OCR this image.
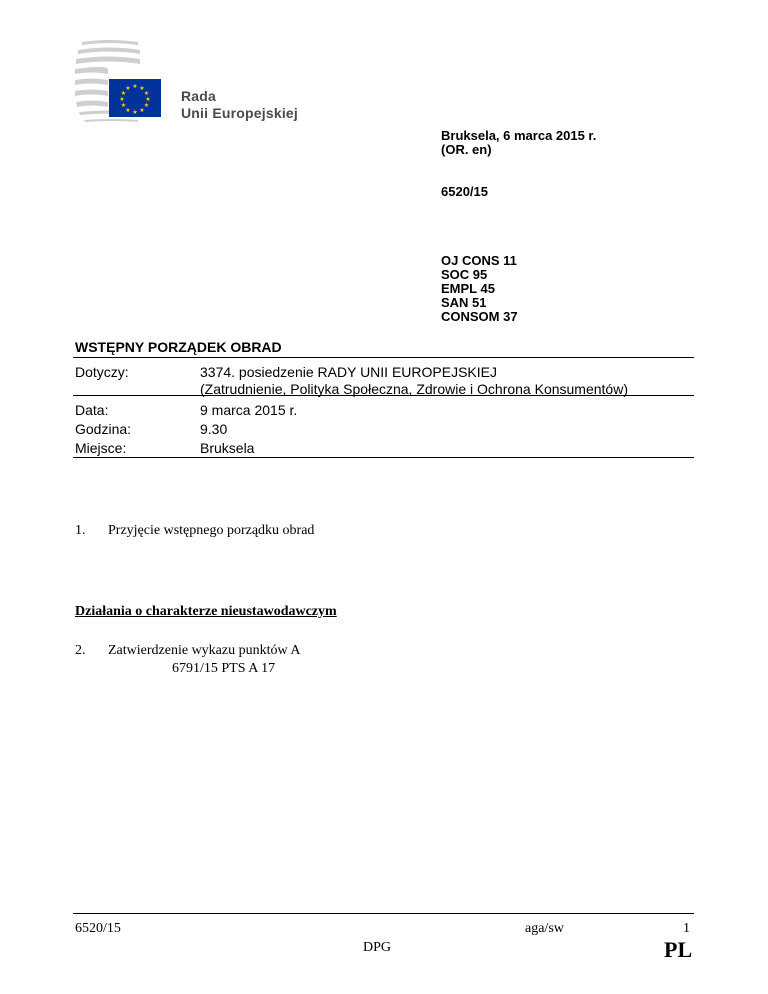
★ ★
★
★
★
★
★
★
★
★
★
★	Rada
Unii Europejskiej
Bruksela, 6 marca 2015 r.
(OR. en)
6520/15
OJ CONS 11
SOC 95
EMPL 45
SAN 51
CONSOM 37
WSTĘPNY PORZĄDEK OBRAD
Dotyczy:	3374. posiedzenie RADY UNII EUROPEJSKIEJ
(Zatrudnienie, Polityka Społeczna, Zdrowie i Ochrona Konsumentów)
Data:	9 marca 2015 r.
Godzina:	9.30
Miejsce:	Bruksela
1. Przyjęcie wstępnego porządku obrad
Działania o charakterze nieustawodawczym
2. Zatwierdzenie wykazu punktów A
6791/15 PTS A 17
6520/15	aga/sw	1
DPG	PL
